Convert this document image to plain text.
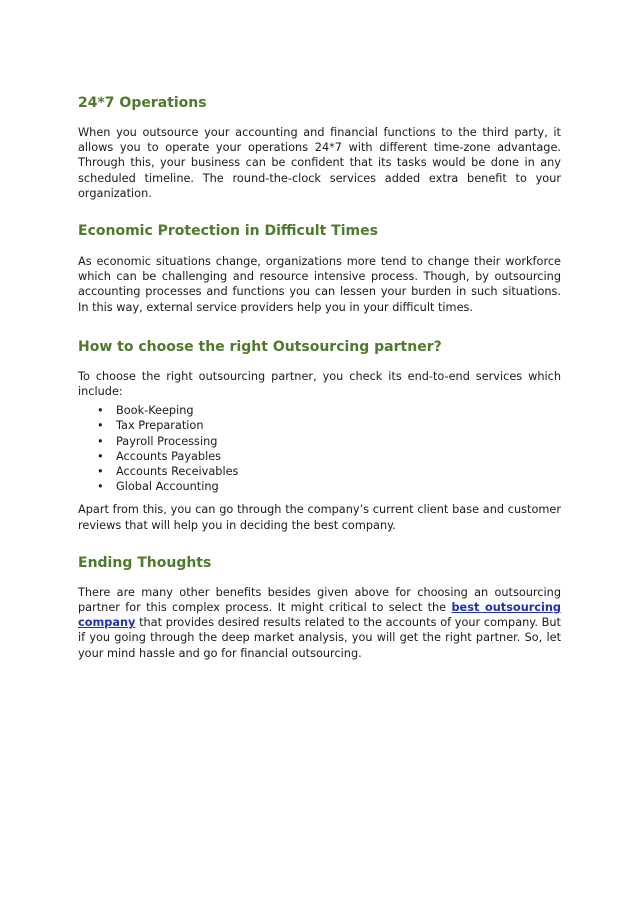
24*7 Operations

When you outsource your accounting and financial functions to the third party, it allows you to operate your operations 24*7 with different time-zone advantage. Through this, your business can be confident that its tasks would be done in any scheduled timeline. The round-the-clock services added extra benefit to your organization.

Economic Protection in Difficult Times

As economic situations change, organizations more tend to change their workforce which can be challenging and resource intensive process. Though, by outsourcing accounting processes and functions you can lessen your burden in such situations. In this way, external service providers help you in your difficult times.

How to choose the right Outsourcing partner?

To choose the right outsourcing partner, you check its end-to-end services which include:

• Book-Keeping
• Tax Preparation
• Payroll Processing
• Accounts Payables
• Accounts Receivables
• Global Accounting

Apart from this, you can go through the company’s current client base and customer reviews that will help you in deciding the best company.

Ending Thoughts

There are many other benefits besides given above for choosing an outsourcing partner for this complex process. It might critical to select the best outsourcing company that provides desired results related to the accounts of your company. But if you going through the deep market analysis, you will get the right partner. So, let your mind hassle and go for financial outsourcing.
